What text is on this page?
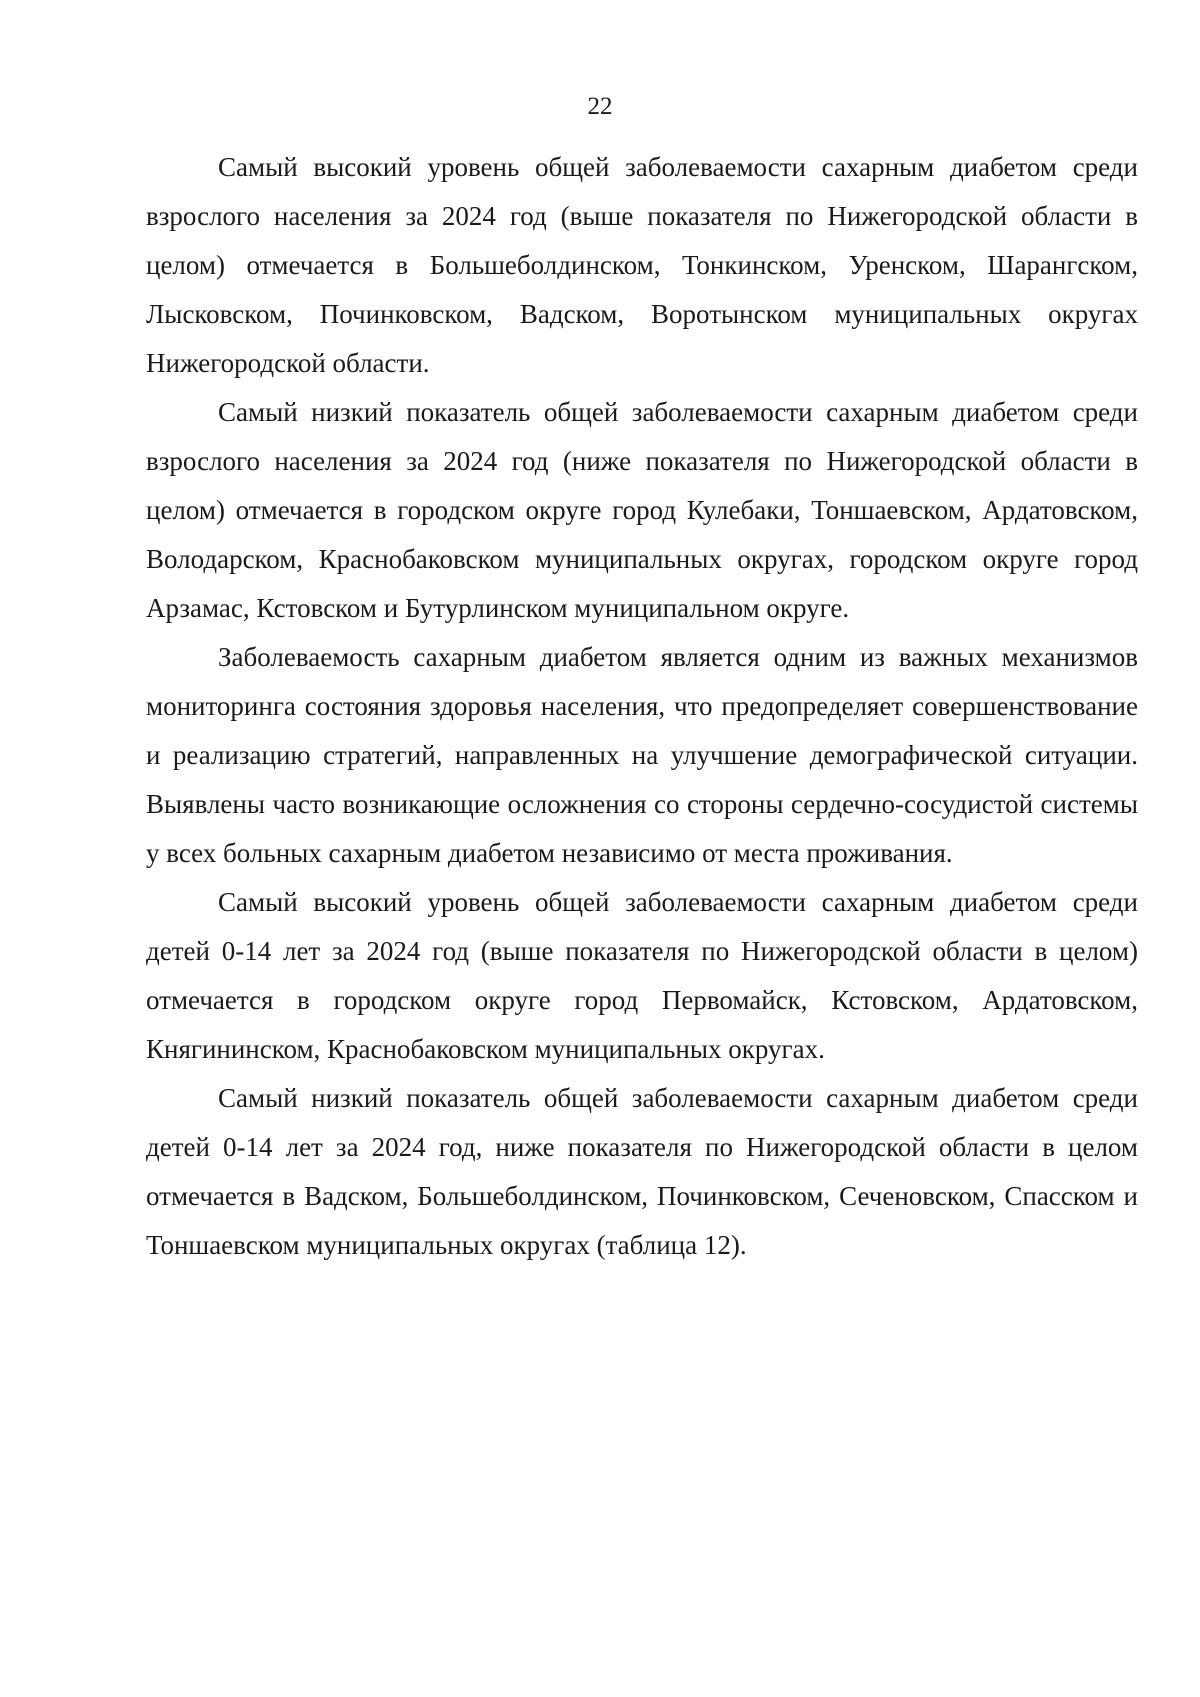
22

Самый высокий уровень общей заболеваемости сахарным диабетом среди взрослого населения за 2024 год (выше показателя по Нижегородской области в целом) отмечается в Большеболдинском, Тонкинском, Уренском, Шарангском, Лысковском, Починковском, Вадском, Воротынском муниципальных округах Нижегородской области.

Самый низкий показатель общей заболеваемости сахарным диабетом среди взрослого населения за 2024 год (ниже показателя по Нижегородской области в целом) отмечается в городском округе город Кулебаки, Тоншаевском, Ардатовском, Володарском, Краснобаковском муниципальных округах, городском округе город Арзамас, Кстовском и Бутурлинском муниципальном округе.

Заболеваемость сахарным диабетом является одним из важных механизмов мониторинга состояния здоровья населения, что предопределяет совершенствование и реализацию стратегий, направленных на улучшение демографической ситуации. Выявлены часто возникающие осложнения со стороны сердечно-сосудистой системы у всех больных сахарным диабетом независимо от места проживания.

Самый высокий уровень общей заболеваемости сахарным диабетом среди детей 0-14 лет за 2024 год (выше показателя по Нижегородской области в целом) отмечается в городском округе город Первомайск, Кстовском, Ардатовском, Княгининском, Краснобаковском муниципальных округах.

Самый низкий показатель общей заболеваемости сахарным диабетом среди детей 0-14 лет за 2024 год, ниже показателя по Нижегородской области в целом отмечается в Вадском, Большеболдинском, Починковском, Сеченовском, Спасском и Тоншаевском муниципальных округах (таблица 12).
